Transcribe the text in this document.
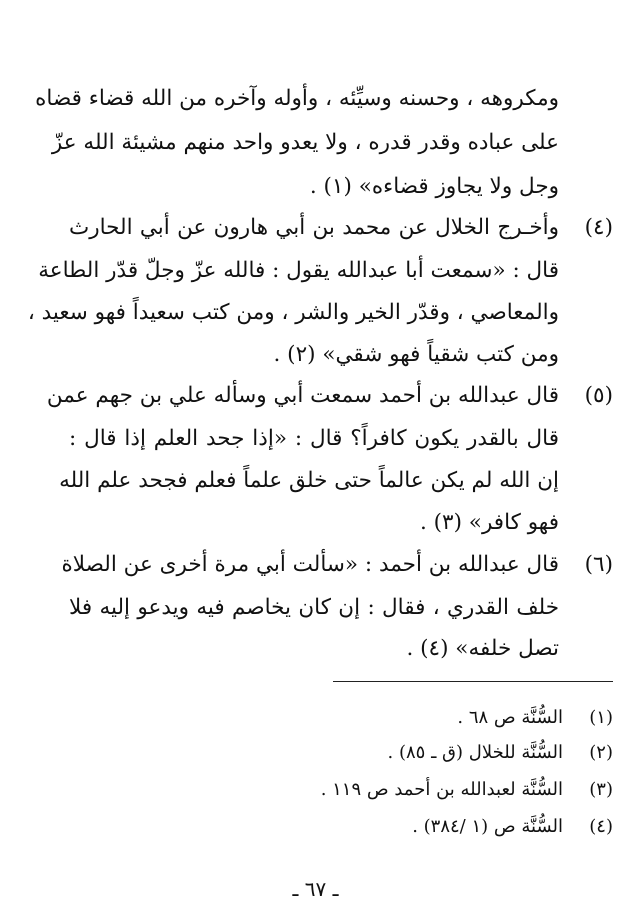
ومكروهه ، وحسنه وسيِّئه ، وأوله وآخره من الله قضاء قضاه
على عباده وقدر قدره ، ولا يعدو واحد منهم مشيئة الله عزّ
وجل ولا يجاوز قضاءه» (١) .
(٤)
وأخـرج الخلال عن محمد بن أبي هارون عن أبي الحارث
قال : «سمعت أبا عبدالله يقول : فالله عزّ وجلّ قدّر الطاعة
والمعاصي ، وقدّر الخير والشر ، ومن كتب سعيداً فهو سعيد ،
ومن كتب شقياً فهو شقي» (٢) .
(٥)
قال عبدالله بن أحمد سمعت أبي وسأله علي بن جهم عمن
قال بالقدر يكون كافراً؟ قال : «إذا جحد العلم إذا قال :
إن الله لم يكن عالماً حتى خلق علماً فعلم فجحد علم الله
فهو كافر» (٣) .
(٦)
قال عبدالله بن أحمد : «سألت أبي مرة أخرى عن الصلاة
خلف القدري ، فقال : إن كان يخاصم فيه ويدعو إليه فلا
تصل خلفه» (٤) .
(١)السُّنَّة ص ٦٨ .
(٢)السُّنَّة للخلال (ق ـ ٨٥) .
(٣)السُّنَّة لعبدالله بن أحمد ص ١١٩ .
(٤)السُّنَّة ص (١ /٣٨٤) .
ـ ٦٧ ـ
